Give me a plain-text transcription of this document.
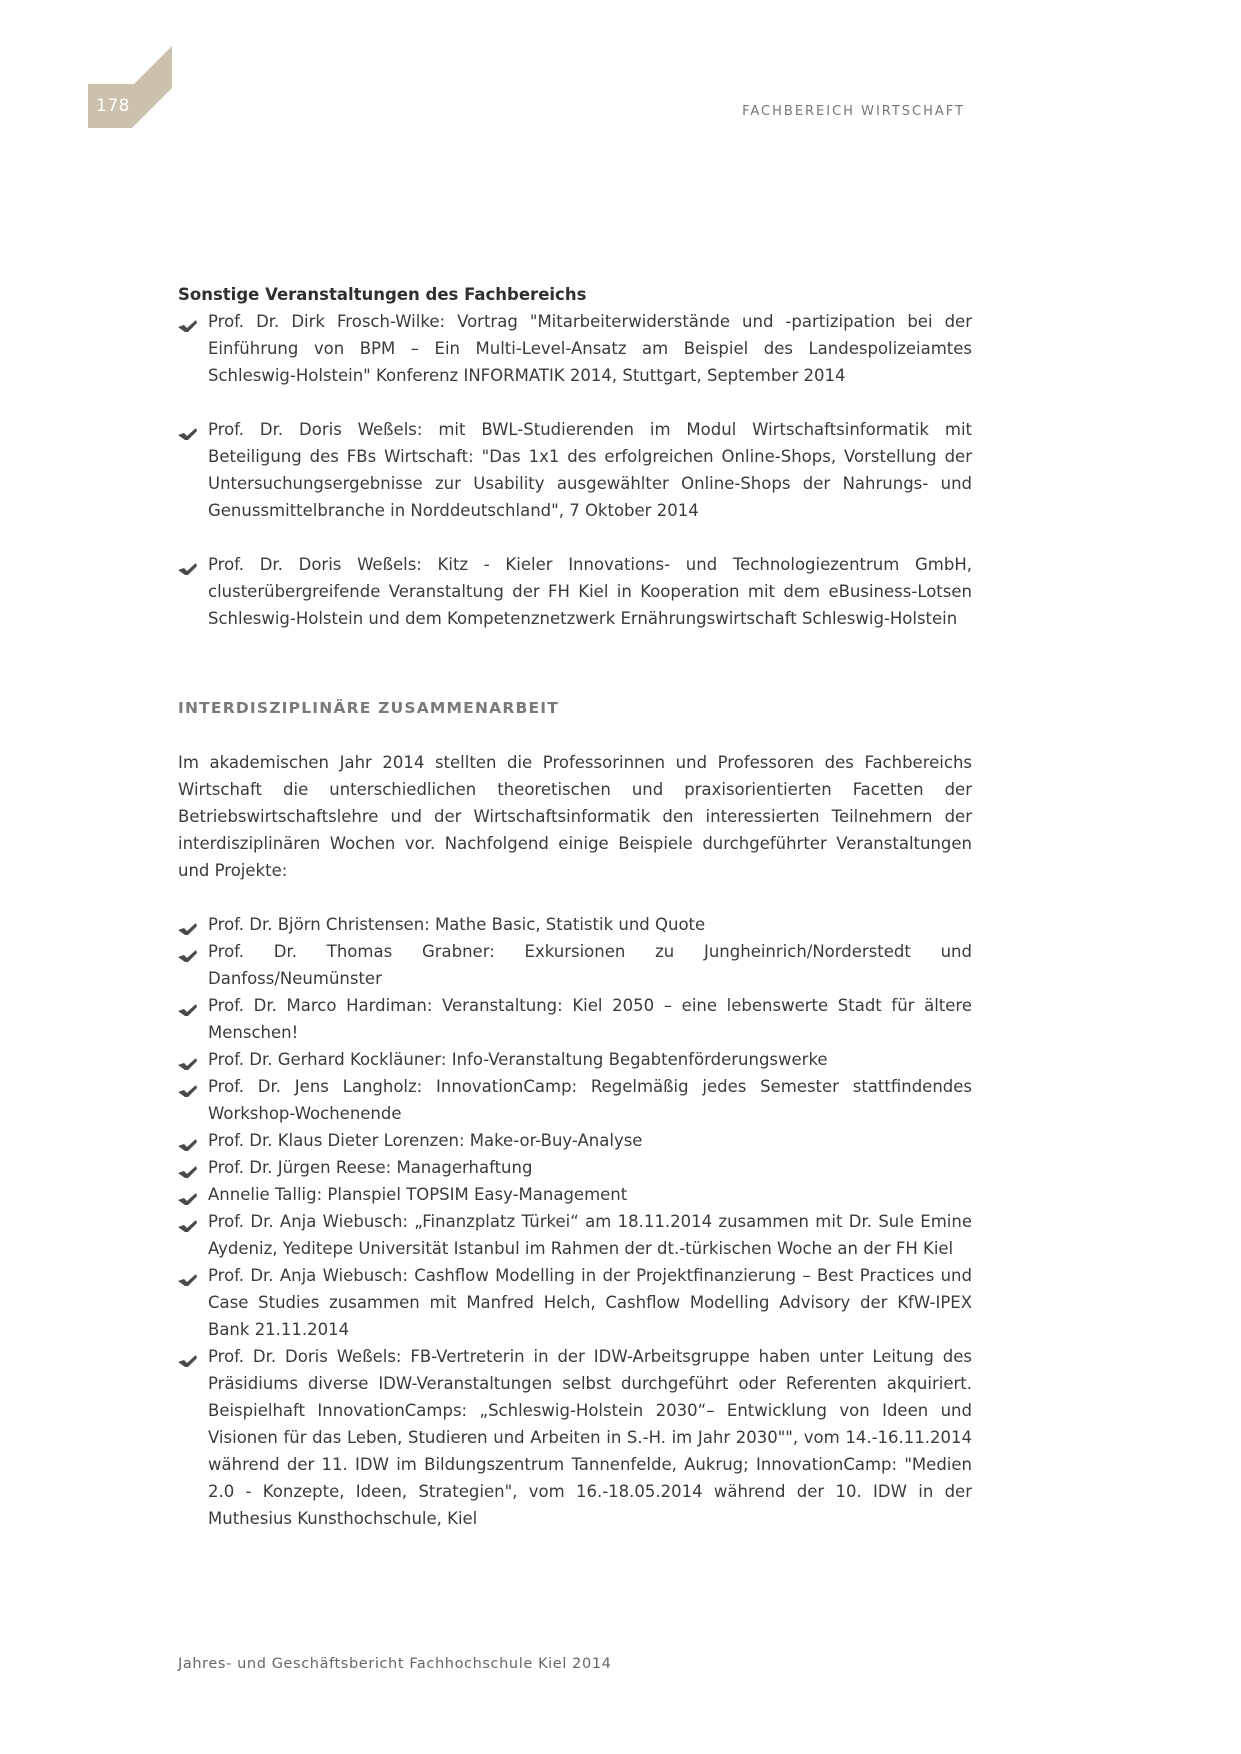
178	FACHBEREICH WIRTSCHAFT

Sonstige Veranstaltungen des Fachbereichs

Prof. Dr. Dirk Frosch-Wilke: Vortrag "Mitarbeiterwiderstände und -partizipation bei der Einführung von BPM – Ein Multi-Level-Ansatz am Beispiel des Landespolizeiamtes Schleswig-Holstein" Konferenz INFORMATIK 2014, Stuttgart, September 2014
Prof. Dr. Doris Weßels: mit BWL-Studierenden im Modul Wirtschaftsinformatik mit Beteiligung des FBs Wirtschaft: "Das 1x1 des erfolgreichen Online-Shops, Vorstellung der Untersuchungsergebnisse zur Usability ausgewählter Online-Shops der Nahrungs- und Genussmittelbranche in Norddeutschland", 7 Oktober 2014
Prof. Dr. Doris Weßels: Kitz - Kieler Innovations- und Technologiezentrum GmbH, clusterübergreifende Veranstaltung der FH Kiel in Kooperation mit dem eBusiness-Lotsen Schleswig-Holstein und dem Kompetenznetzwerk Ernährungswirtschaft Schleswig-Holstein

INTERDISZIPLINÄRE ZUSAMMENARBEIT

Im akademischen Jahr 2014 stellten die Professorinnen und Professoren des Fachbereichs Wirtschaft die unterschiedlichen theoretischen und praxisorientierten Facetten der Betriebswirtschaftslehre und der Wirtschaftsinformatik den interessierten Teilnehmern der interdisziplinären Wochen vor. Nachfolgend einige Beispiele durchgeführter Veranstaltungen und Projekte:

Prof. Dr. Björn Christensen: Mathe Basic, Statistik und Quote
Prof. Dr. Thomas Grabner: Exkursionen zu Jungheinrich/Norderstedt und Danfoss/Neumünster
Prof. Dr. Marco Hardiman: Veranstaltung: Kiel 2050 – eine lebenswerte Stadt für ältere Menschen!
Prof. Dr. Gerhard Kockläuner: Info-Veranstaltung Begabtenförderungswerke
Prof. Dr. Jens Langholz: InnovationCamp: Regelmäßig jedes Semester stattfindendes Workshop-Wochenende
Prof. Dr. Klaus Dieter Lorenzen: Make-or-Buy-Analyse
Prof. Dr. Jürgen Reese: Managerhaftung
Annelie Tallig: Planspiel TOPSIM Easy-Management
Prof. Dr. Anja Wiebusch: „Finanzplatz Türkei“ am 18.11.2014 zusammen mit Dr. Sule Emine Aydeniz, Yeditepe Universität Istanbul im Rahmen der dt.-türkischen Woche an der FH Kiel
Prof. Dr. Anja Wiebusch: Cashflow Modelling in der Projektfinanzierung – Best Practices und Case Studies zusammen mit Manfred Helch, Cashflow Modelling Advisory der KfW-IPEX Bank 21.11.2014
Prof. Dr. Doris Weßels: FB-Vertreterin in der IDW-Arbeitsgruppe haben unter Leitung des Präsidiums diverse IDW-Veranstaltungen selbst durchgeführt oder Referenten akquiriert. Beispielhaft InnovationCamps: „Schleswig-Holstein 2030“– Entwicklung von Ideen und Visionen für das Leben, Studieren und Arbeiten in S.-H. im Jahr 2030"", vom 14.-16.11.2014 während der 11. IDW im Bildungszentrum Tannenfelde, Aukrug; InnovationCamp: "Medien 2.0 - Konzepte, Ideen, Strategien", vom 16.-18.05.2014 während der 10. IDW in der Muthesius Kunsthochschule, Kiel
Jahres- und Geschäftsbericht Fachhochschule Kiel 2014
